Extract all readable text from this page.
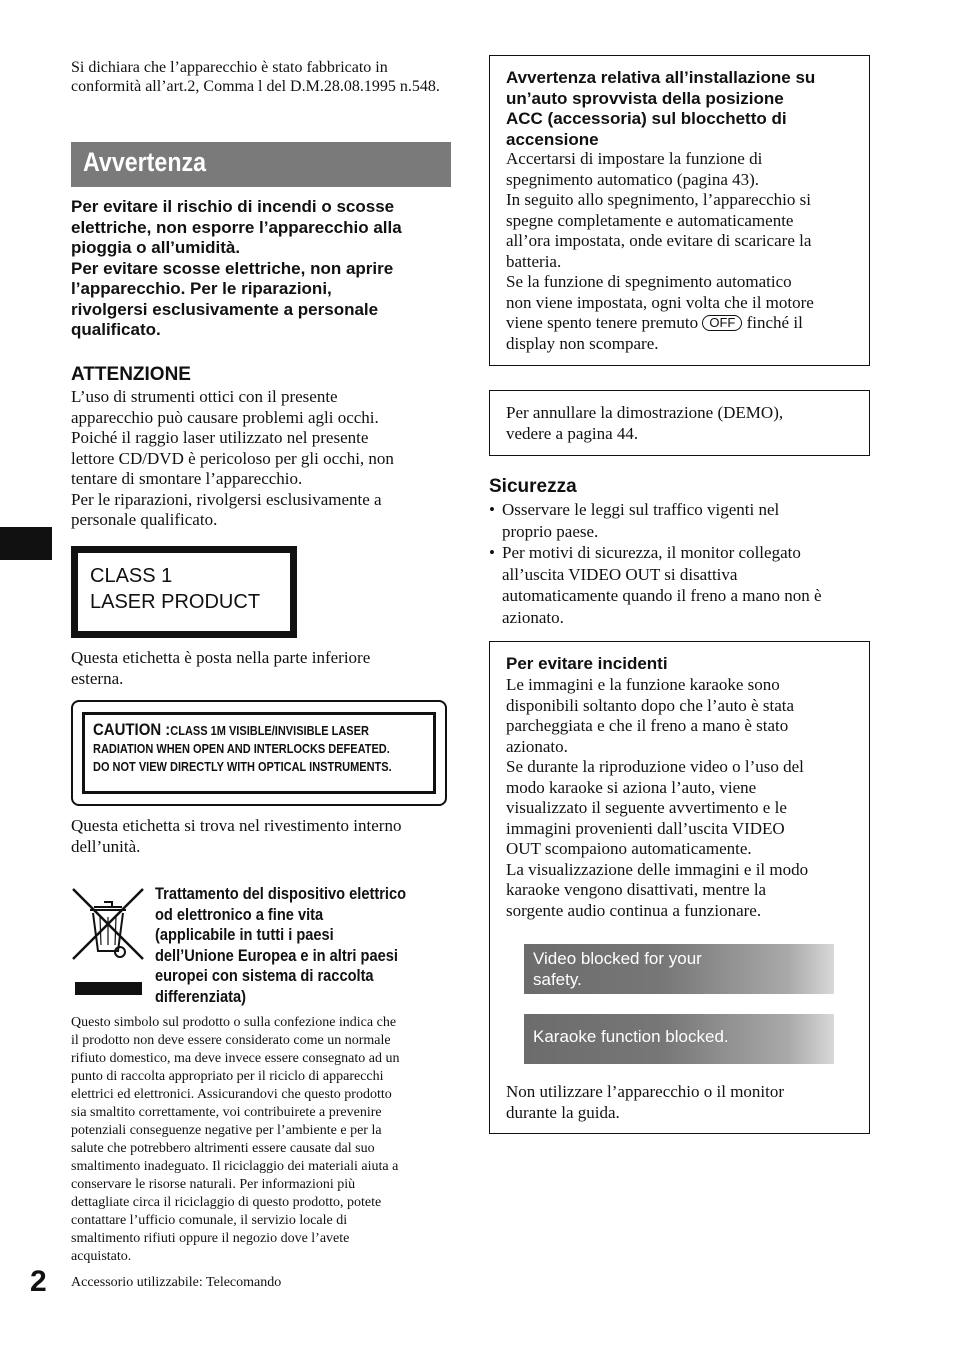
Si dichiara che l’apparecchio è stato fabbricato in conformità all’art.2, Comma l del D.M.28.08.1995 n.548.

Avvertenza
Per evitare il rischio di incendi o scosse
elettriche, non esporre l’apparecchio alla
pioggia o all’umidità.
Per evitare scosse elettriche, non aprire
l’apparecchio. Per le riparazioni,
rivolgersi esclusivamente a personale
qualificato.
ATTENZIONE
L’uso di strumenti ottici con il presente
apparecchio può causare problemi agli occhi.
Poiché il raggio laser utilizzato nel presente
lettore CD/DVD è pericoloso per gli occhi, non
tentare di smontare l’apparecchio.
Per le riparazioni, rivolgersi esclusivamente a
personale qualificato.
CLASS 1
LASER PRODUCT
Questa etichetta è posta nella parte inferiore
esterna.
CAUTION :CLASS 1M VISIBLE/INVISIBLE LASER
RADIATION WHEN OPEN AND INTERLOCKS DEFEATED.
DO NOT VIEW DIRECTLY WITH OPTICAL INSTRUMENTS.
Questa etichetta si trova nel rivestimento interno
dell’unità.
Trattamento del dispositivo elettrico
od elettronico a fine vita
(applicabile in tutti i paesi
dell’Unione Europea e in altri paesi
europei con sistema di raccolta
differenziata)
Questo simbolo sul prodotto o sulla confezione indica che
il prodotto non deve essere considerato come un normale
rifiuto domestico, ma deve invece essere consegnato ad un
punto di raccolta appropriato per il riciclo di apparecchi
elettrici ed elettronici. Assicurandovi che questo prodotto
sia smaltito correttamente, voi contribuirete a prevenire
potenziali conseguenze negative per l’ambiente e per la
salute che potrebbero altrimenti essere causate dal suo
smaltimento inadeguato. Il riciclaggio dei materiali aiuta a
conservare le risorse naturali. Per informazioni più
dettagliate circa il riciclaggio di questo prodotto, potete
contattare l’ufficio comunale, il servizio locale di
smaltimento rifiuti oppure il negozio dove l’avete
acquistato.
2 Accessorio utilizzabile: Telecomando
Avvertenza relativa all’installazione su
un’auto sprovvista della posizione
ACC (accessoria) sul blocchetto di
accensione
Accertarsi di impostare la funzione di
spegnimento automatico (pagina 43).
In seguito allo spegnimento, l’apparecchio si
spegne completamente e automaticamente
all’ora impostata, onde evitare di scaricare la
batteria.
Se la funzione di spegnimento automatico
non viene impostata, ogni volta che il motore
viene spento tenere premuto OFF finché il
display non scompare.
Per annullare la dimostrazione (DEMO),
vedere a pagina 44.
Sicurezza
• Osservare le leggi sul traffico vigenti nel
proprio paese.
• Per motivi di sicurezza, il monitor collegato
all’uscita VIDEO OUT si disattiva
automaticamente quando il freno a mano non è
azionato.
Per evitare incidenti
Le immagini e la funzione karaoke sono
disponibili soltanto dopo che l’auto è stata
parcheggiata e che il freno a mano è stato
azionato.
Se durante la riproduzione video o l’uso del
modo karaoke si aziona l’auto, viene
visualizzato il seguente avvertimento e le
immagini provenienti dall’uscita VIDEO
OUT scompaiono automaticamente.
La visualizzazione delle immagini e il modo
karaoke vengono disattivati, mentre la
sorgente audio continua a funzionare.
Video blocked for your
safety.
Karaoke function blocked.
Non utilizzare l’apparecchio o il monitor
durante la guida.
